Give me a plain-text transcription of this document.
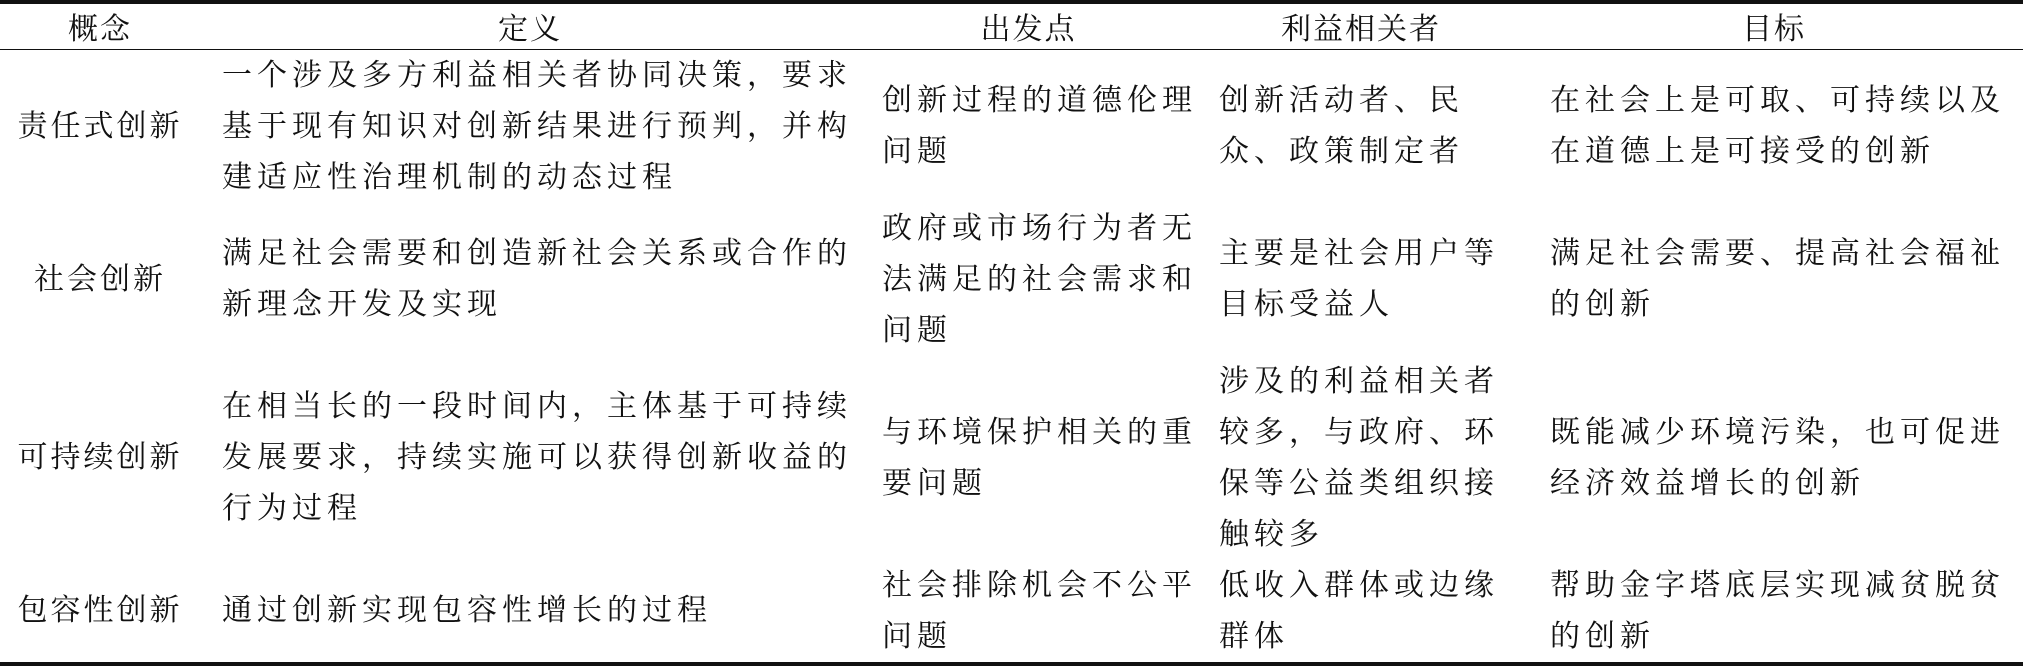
概念	定义	出发点	利益相关者	目标
责任式创新	一个涉及多方利益相关者协同决策，要求基于现有知识对创新结果进行预判，并构建适应性治理机制的动态过程	创新过程的道德伦理问题	创新活动者、民众、政策制定者	在社会上是可取、可持续以及在道德上是可接受的创新
社会创新	满足社会需要和创造新社会关系或合作的新理念开发及实现	政府或市场行为者无法满足的社会需求和问题	主要是社会用户等目标受益人	满足社会需要、提高社会福祉的创新
可持续创新	在相当长的一段时间内，主体基于可持续发展要求，持续实施可以获得创新收益的行为过程	与环境保护相关的重要问题	涉及的利益相关者较多，与政府、环保等公益类组织接触较多	既能减少环境污染，也可促进经济效益增长的创新
包容性创新	通过创新实现包容性增长的过程	社会排除机会不公平问题	低收入群体或边缘群体	帮助金字塔底层实现减贫脱贫的创新
